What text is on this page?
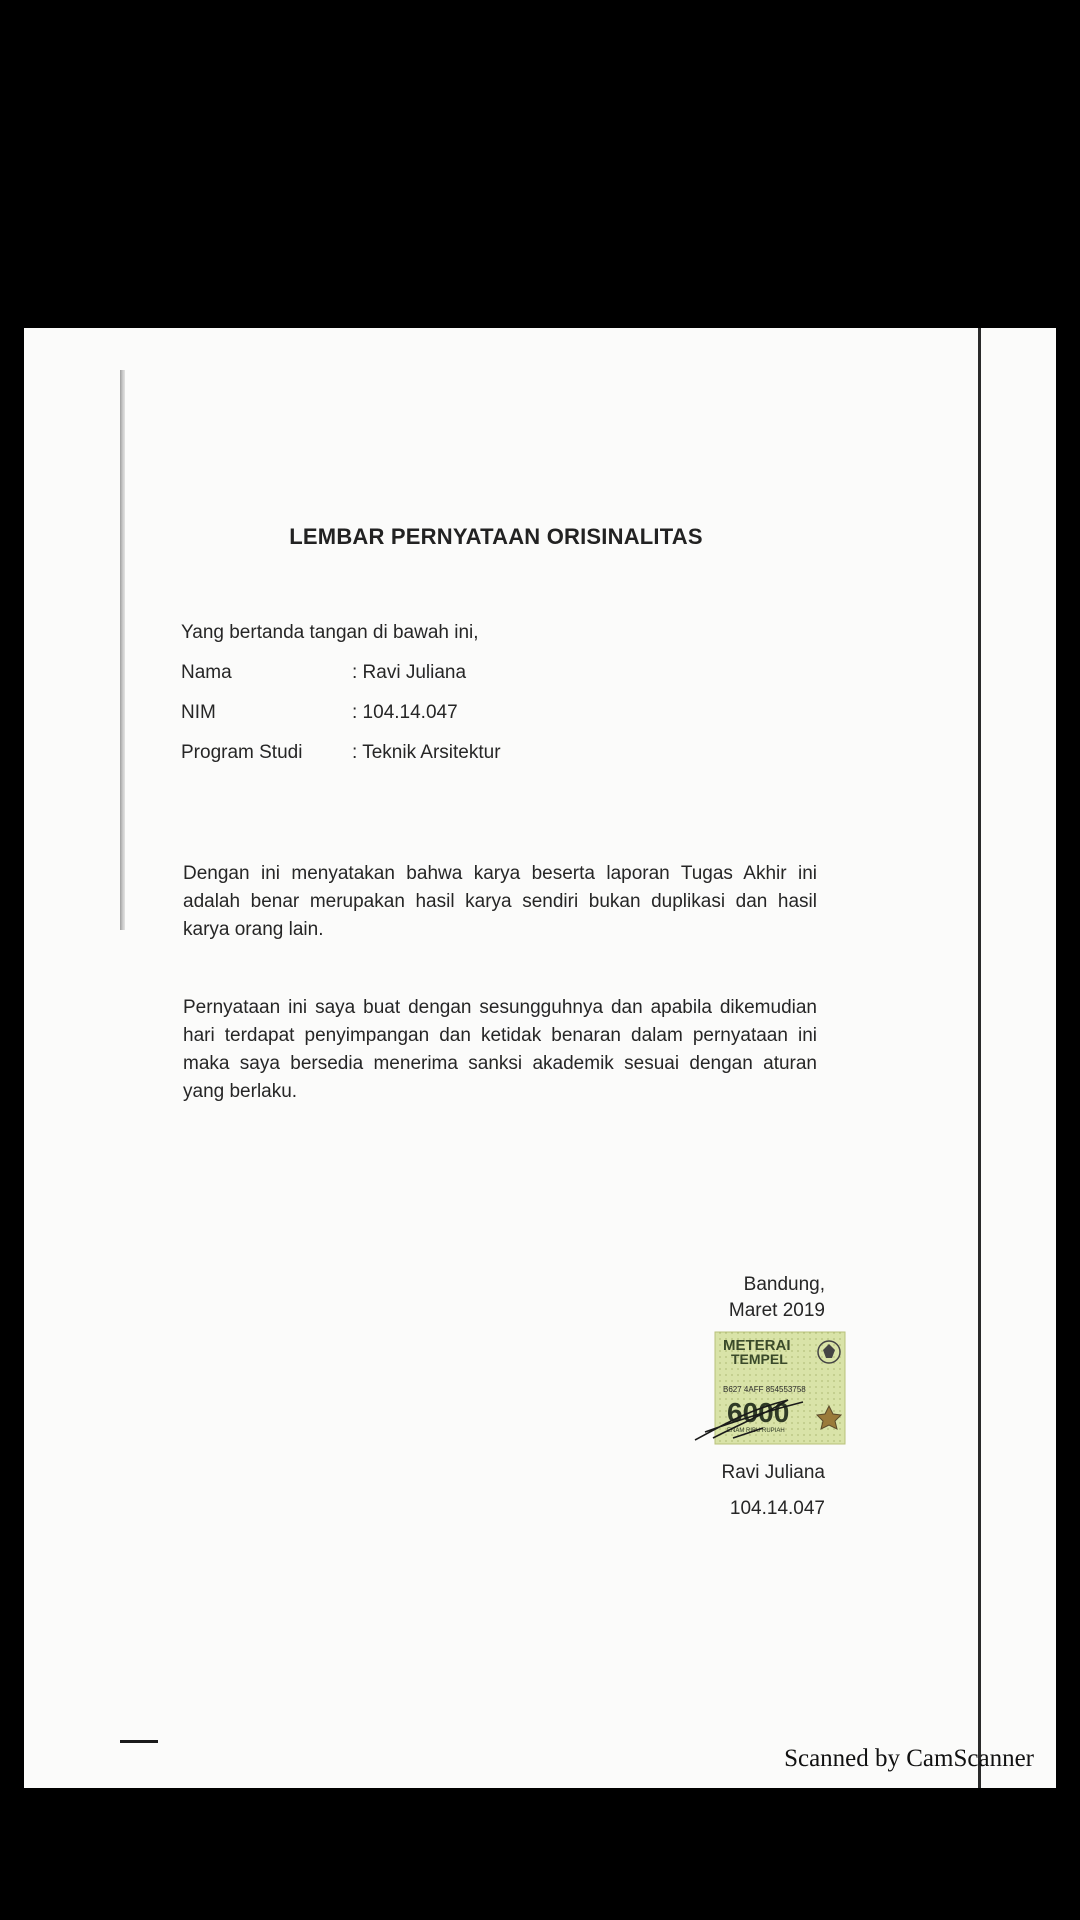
LEMBAR PERNYATAAN ORISINALITAS
Yang bertanda tangan di bawah ini,
Nama	: Ravi Juliana
NIM	: 104.14.047
Program Studi	: Teknik Arsitektur
Dengan ini menyatakan bahwa karya beserta laporan Tugas Akhir ini adalah benar merupakan hasil karya sendiri bukan duplikasi dan hasil karya orang lain.
Pernyataan ini saya buat dengan sesungguhnya dan apabila dikemudian hari terdapat penyimpangan dan ketidak benaran dalam pernyataan ini maka saya bersedia menerima sanksi akademik sesuai dengan aturan yang berlaku.
Bandung,
Maret 2019
METERAI
TEMPEL
B627 4AFF 854553758
6000
ENAM RIBU RUPIAH
Ravi Juliana
104.14.047
Scanned by CamScanner
